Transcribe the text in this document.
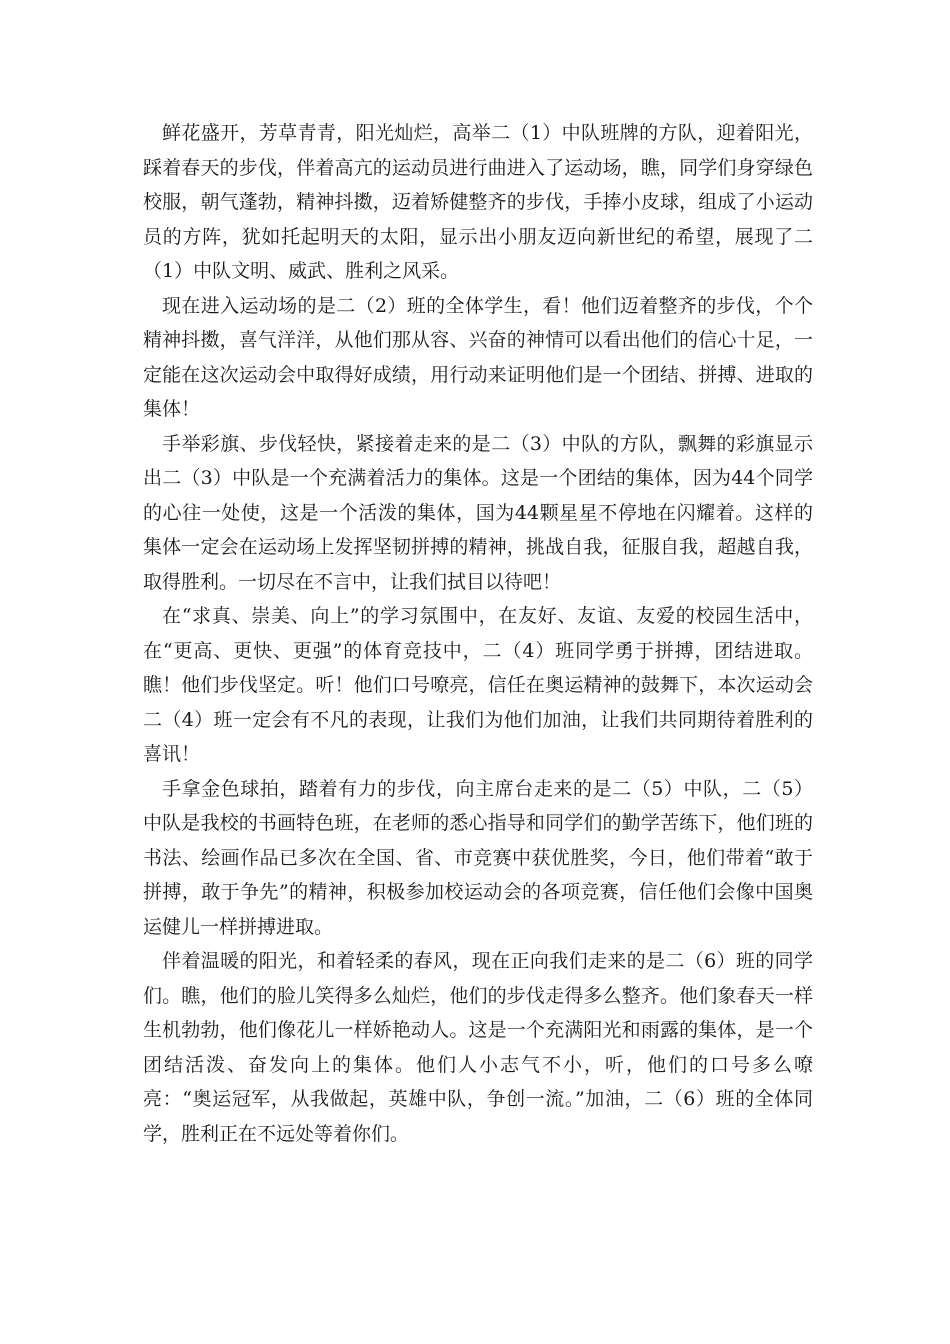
鲜花盛开，芳草青青，阳光灿烂，高举二（1）中队班牌的方队，迎着阳光，踩着春天的步伐，伴着高亢的运动员进行曲进入了运动场，瞧，同学们身穿绿色校服，朝气蓬勃，精神抖擞，迈着矫健整齐的步伐，手捧小皮球，组成了小运动员的方阵，犹如托起明天的太阳，显示出小朋友迈向新世纪的希望，展现了二（1）中队文明、威武、胜利之风采。

现在进入运动场的是二（2）班的全体学生，看！他们迈着整齐的步伐，个个精神抖擞，喜气洋洋，从他们那从容、兴奋的神情可以看出他们的信心十足，一定能在这次运动会中取得好成绩，用行动来证明他们是一个团结、拼搏、进取的集体！

手举彩旗、步伐轻快，紧接着走来的是二（3）中队的方队，飘舞的彩旗显示出二（3）中队是一个充满着活力的集体。这是一个团结的集体，因为44个同学的心往一处使，这是一个活泼的集体，国为44颗星星不停地在闪耀着。这样的集体一定会在运动场上发挥坚韧拼搏的精神，挑战自我，征服自我，超越自我，取得胜利。一切尽在不言中，让我们拭目以待吧！

在“求真、崇美、向上”的学习氛围中，在友好、友谊、友爱的校园生活中，在“更高、更快、更强”的体育竞技中，二（4）班同学勇于拼搏，团结进取。瞧！他们步伐坚定。听！他们口号嘹亮，信任在奥运精神的鼓舞下，本次运动会二（4）班一定会有不凡的表现，让我们为他们加油，让我们共同期待着胜利的喜讯！

手拿金色球拍，踏着有力的步伐，向主席台走来的是二（5）中队，二（5）中队是我校的书画特色班，在老师的悉心指导和同学们的勤学苦练下，他们班的书法、绘画作品已多次在全国、省、市竞赛中获优胜奖，今日，他们带着“敢于拼搏，敢于争先”的精神，积极参加校运动会的各项竞赛，信任他们会像中国奥运健儿一样拼搏进取。

伴着温暖的阳光，和着轻柔的春风，现在正向我们走来的是二（6）班的同学们。瞧，他们的脸儿笑得多么灿烂，他们的步伐走得多么整齐。他们象春天一样生机勃勃，他们像花儿一样娇艳动人。这是一个充满阳光和雨露的集体，是一个团结活泼、奋发向上的集体。他们人小志气不小，听，他们的口号多么嘹亮：“奥运冠军，从我做起，英雄中队，争创一流。”加油，二（6）班的全体同学，胜利正在不远处等着你们。
